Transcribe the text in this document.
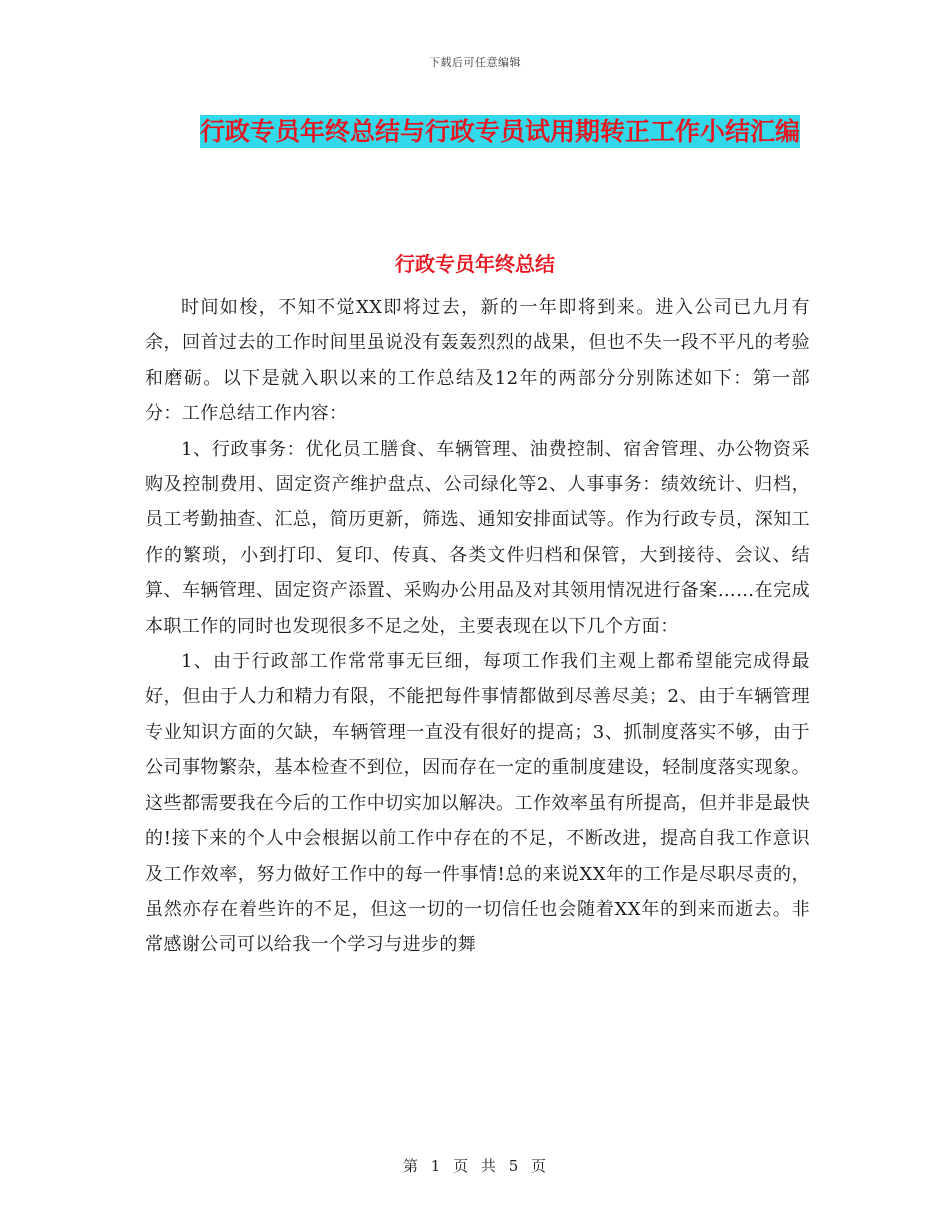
下载后可任意编辑
行政专员年终总结与行政专员试用期转正工作小结汇编
行政专员年终总结

时间如梭，不知不觉XX即将过去，新的一年即将到来。进入公司已九月有余，回首过去的工作时间里虽说没有轰轰烈烈的战果，但也不失一段不平凡的考验和磨砺。以下是就入职以来的工作总结及12年的两部分分别陈述如下：第一部分：工作总结工作内容：

1、行政事务：优化员工膳食、车辆管理、油费控制、宿舍管理、办公物资采购及控制费用、固定资产维护盘点、公司绿化等2、人事事务：绩效统计、归档，员工考勤抽查、汇总，简历更新，筛选、通知安排面试等。作为行政专员，深知工作的繁琐，小到打印、复印、传真、各类文件归档和保管，大到接待、会议、结算、车辆管理、固定资产添置、采购办公用品及对其领用情况进行备案……在完成本职工作的同时也发现很多不足之处，主要表现在以下几个方面：

1、由于行政部工作常常事无巨细，每项工作我们主观上都希望能完成得最好，但由于人力和精力有限，不能把每件事情都做到尽善尽美；2、由于车辆管理专业知识方面的欠缺，车辆管理一直没有很好的提高；3、抓制度落实不够，由于公司事物繁杂，基本检查不到位，因而存在一定的重制度建设，轻制度落实现象。这些都需要我在今后的工作中切实加以解决。工作效率虽有所提高，但并非是最快的!接下来的个人中会根据以前工作中存在的不足，不断改进，提高自我工作意识及工作效率，努力做好工作中的每一件事情!总的来说XX年的工作是尽职尽责的，虽然亦存在着些许的不足，但这一切的一切信任也会随着XX年的到来而逝去。非常感谢公司可以给我一个学习与进步的舞

第 1 页 共 5 页
